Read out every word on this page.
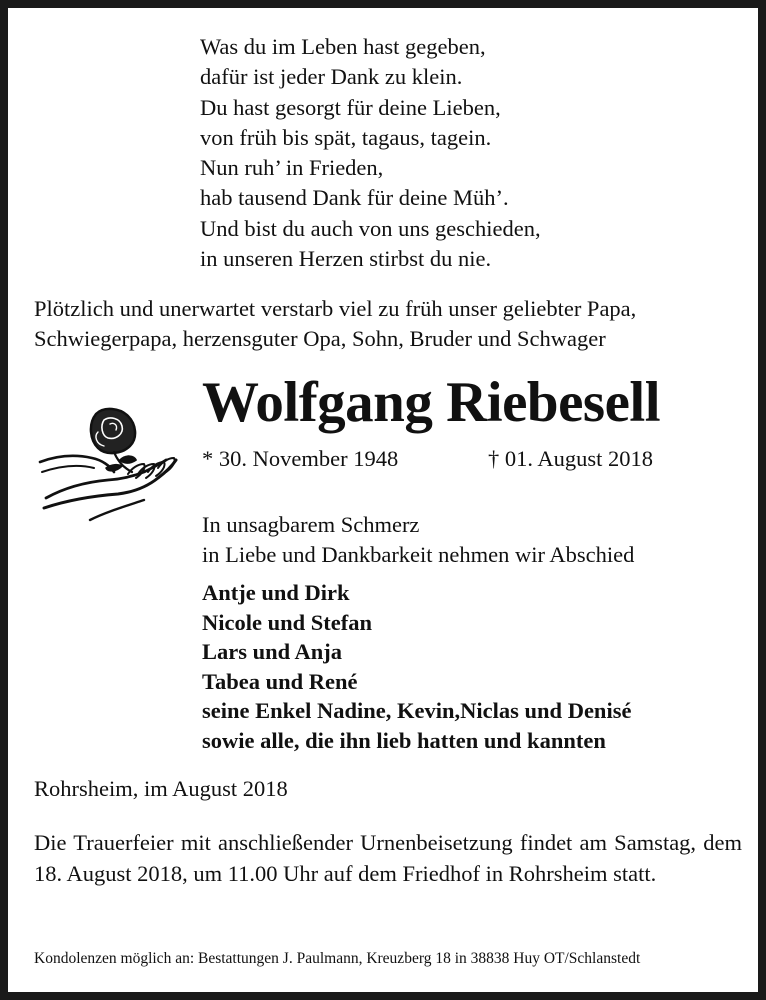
Was du im Leben hast gegeben,
dafür ist jeder Dank zu klein.
Du hast gesorgt für deine Lieben,
von früh bis spät, tagaus, tagein.
Nun ruh’ in Frieden,
hab tausend Dank für deine Müh’.
Und bist du auch von uns geschieden,
in unseren Herzen stirbst du nie.
Plötzlich und unerwartet verstarb viel zu früh unser geliebter Papa,
Schwiegerpapa, herzensguter Opa, Sohn, Bruder und Schwager
Wolfgang Riebesell
* 30. November 1948	† 01. August 2018
In unsagbarem Schmerz
in Liebe und Dankbarkeit nehmen wir Abschied
Antje und Dirk
Nicole und Stefan
Lars und Anja
Tabea und René
seine Enkel Nadine, Kevin,Niclas und Denisé
sowie alle, die ihn lieb hatten und kannten
Rohrsheim, im August 2018
Die Trauerfeier mit anschließender Urnenbeisetzung findet am Samstag, dem 18. August 2018, um 11.00 Uhr auf dem Friedhof in Rohrsheim statt.
Kondolenzen möglich an: Bestattungen J. Paulmann, Kreuzberg 18 in 38838 Huy OT/Schlanstedt
